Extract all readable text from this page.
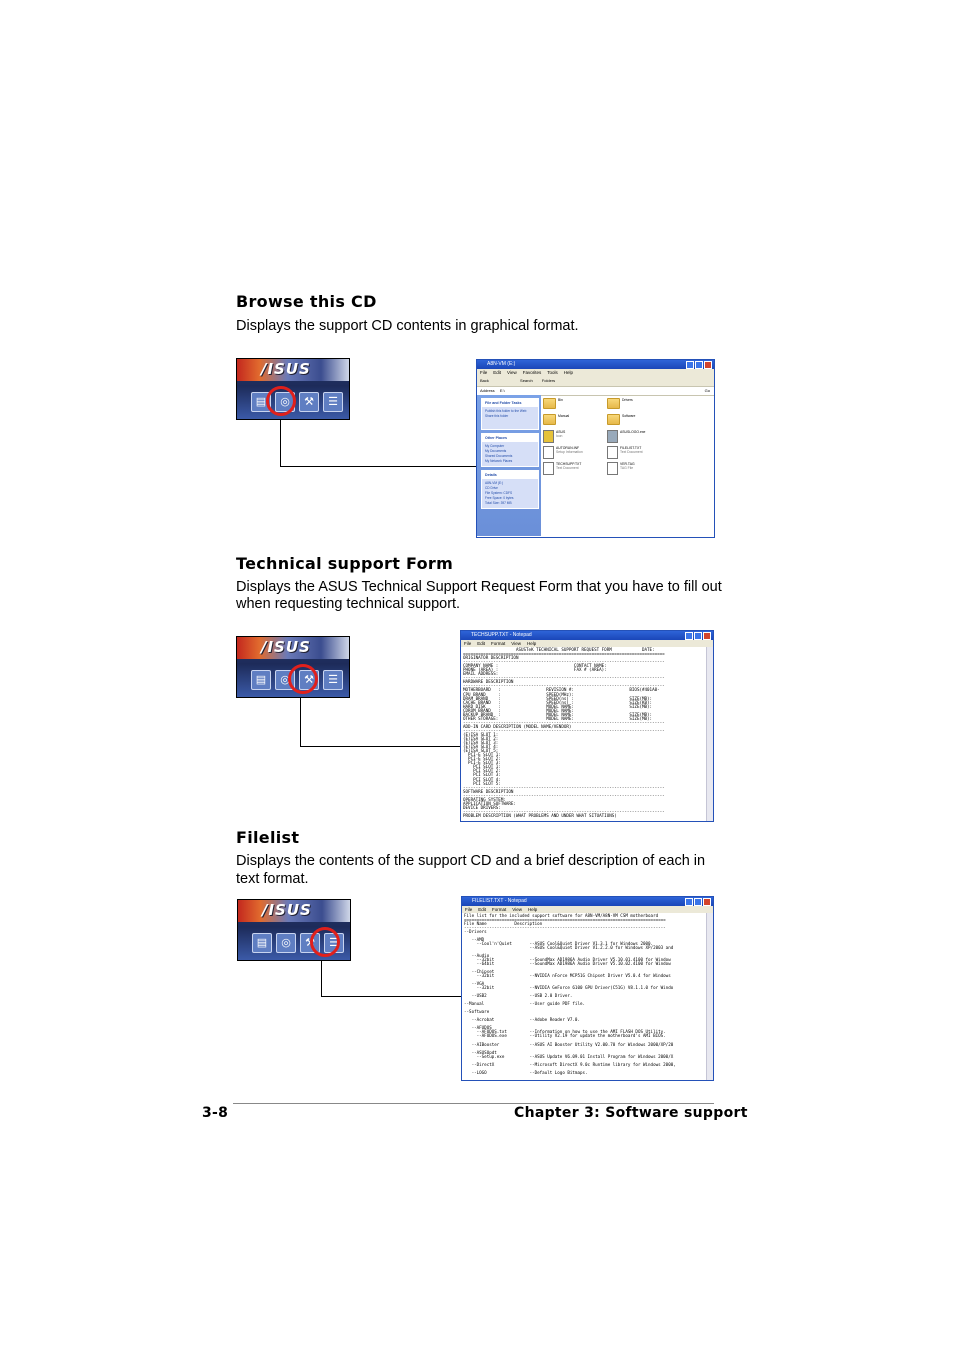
Browse this CD
Displays the support CD contents in graphical format.
/ISUS
▤	◎	⚒	☰
A8N-VM (E:)
File Edit View Favorites Tools Help
Back	Search Folders
Address E:\	Go
File and Folder Tasks
Publish this folder to the Web
Share this folder
Other Places
My Computer
My Documents
Shared Documents
My Network Places
Details
A8N-VM (E:)
CD Drive
File System: CDFS
Free Space: 0 bytes
Total Size: 397 MB
Bin	Drivers
Manual	Software
ASUS
Icon
ASUSLOGO.exe
AUTORUN.INF
Setup Information
FILELIST.TXT
Text Document
TECHSUPP.TXT
Text Document
VER.TAG
TAG File
Technical support Form
Displays the ASUS Technical Support Request Form that you have to fill out
when requesting technical support.
/ISUS
▤	◎	⚒	☰
TECHSUPP.TXT - Notepad
File Edit Format View Help
ASUSTeK TECHNICAL SUPPORT REQUEST FORM            DATE:
================================================================================
ORIGINATOR DESCRIPTION
--------------------------------------------------------------------------------
COMPANY NAME :                              CONTACT NAME:
PHONE (AREA) :                              FAX # (AREA):
EMAIL ADDRESS:
--------------------------------------------------------------------------------
HARDWARE DESCRIPTION
--------------------------------------------------------------------------------
MOTHERBOARD   :                  REVISION #:                      BIOS(#401A0-
CPU BRAND     :                  SPEED(MHz):
DRAM BRAND    :                  SPEED(ns) :                      SIZE(MB):
CACHE BRAND   :                  SPEED(ns) :                      SIZE(KB):
HARD DISK     :                  MODEL NAME:                      SIZE(MB):
CDROM BRAND   :                  MODEL NAME:
BACKUP BRAND  :                  MODEL NAME:                      SIZE(MB):
OTHER STORAGE:                   MODEL NAME:                      SIZE(MB):
--------------------------------------------------------------------------------
ADD-IN CARD DESCRIPTION (MODEL NAME/VENDOR)
--------------------------------------------------------------------------------
(E)ISA SLOT 1:
(E)ISA SLOT 2:
(E)ISA SLOT 3:
(E)ISA SLOT 4:
(E)ISA SLOT 5:
PCI-E SLOT 1:
PCI-E SLOT 2:
PCI-E SLOT 3:
PCI SLOT 1:
PCI SLOT 2:
PCI SLOT 3:
PCI SLOT 4:
PCI SLOT 5:
--------------------------------------------------------------------------------
SOFTWARE DESCRIPTION
--------------------------------------------------------------------------------
OPERATING SYSTEM:
APPLICATION SOFTWARE:
DEVICE DRIVERS:
--------------------------------------------------------------------------------
PROBLEM DESCRIPTION (WHAT PROBLEMS AND UNDER WHAT SITUATIONS)
Filelist
Displays the contents of the support CD and a brief description of each in
text format.
/ISUS
▤	◎	⚒	☰
FILELIST.TXT - Notepad
File Edit Format View Help
File list for the included support software for A8N-VM/A8N-VM CSM motherboard
================================================================================
File Name           Description
--------------------------------------------------------------------------------
--Drivers

--AMD
--Cool'n'Quiet       --ASUS Cool&Quiet Driver V1.3.1 for Windows 2000.
--ASUS Cool&Quiet Driver V1.2.2.0 for Windows XP/2003 and

--Audio
--32bit              --SoundMax AD1986A Audio Driver V5.10.01.4100 for Window
--64bit              --SoundMax AD1986A Audio Driver V5.10.02.4100 for Window

--Chipset
--32bit              --NVIDIA nForce MCP51G Chipset Driver V5.0.4 for Windows

--VGA
--32bit              --NVIDIA GeForce 6100 GPU Driver(C51G) V8.1.1.0 for Windo

--USB2                 --USB 2.0 Driver.

--Manual                  --User guide PDF file.

--Software

--Acrobat              --Adobe Reader V7.0.

--AFUDOS
--AFUDOS.txt         --Information on how to use the AMI FLASH DOS Utility.
--AFUDOS.exe         --Utility V2.19 for update the motherboard's AMI BIOS.

--AIBooster            --ASUS AI Booster Utility V2.00.70 for Windows 2000/XP/20

--ASUSUpdt
--Setup.exe          --ASUS Update V6.09.01 Install Program for Windows 2000/X

--DirectX              --Microsoft DirectX 9.0c Runtime library for Windows 2000,

--LOGO                 --Default Logo Bitmaps.
3-8	Chapter 3: Software support
